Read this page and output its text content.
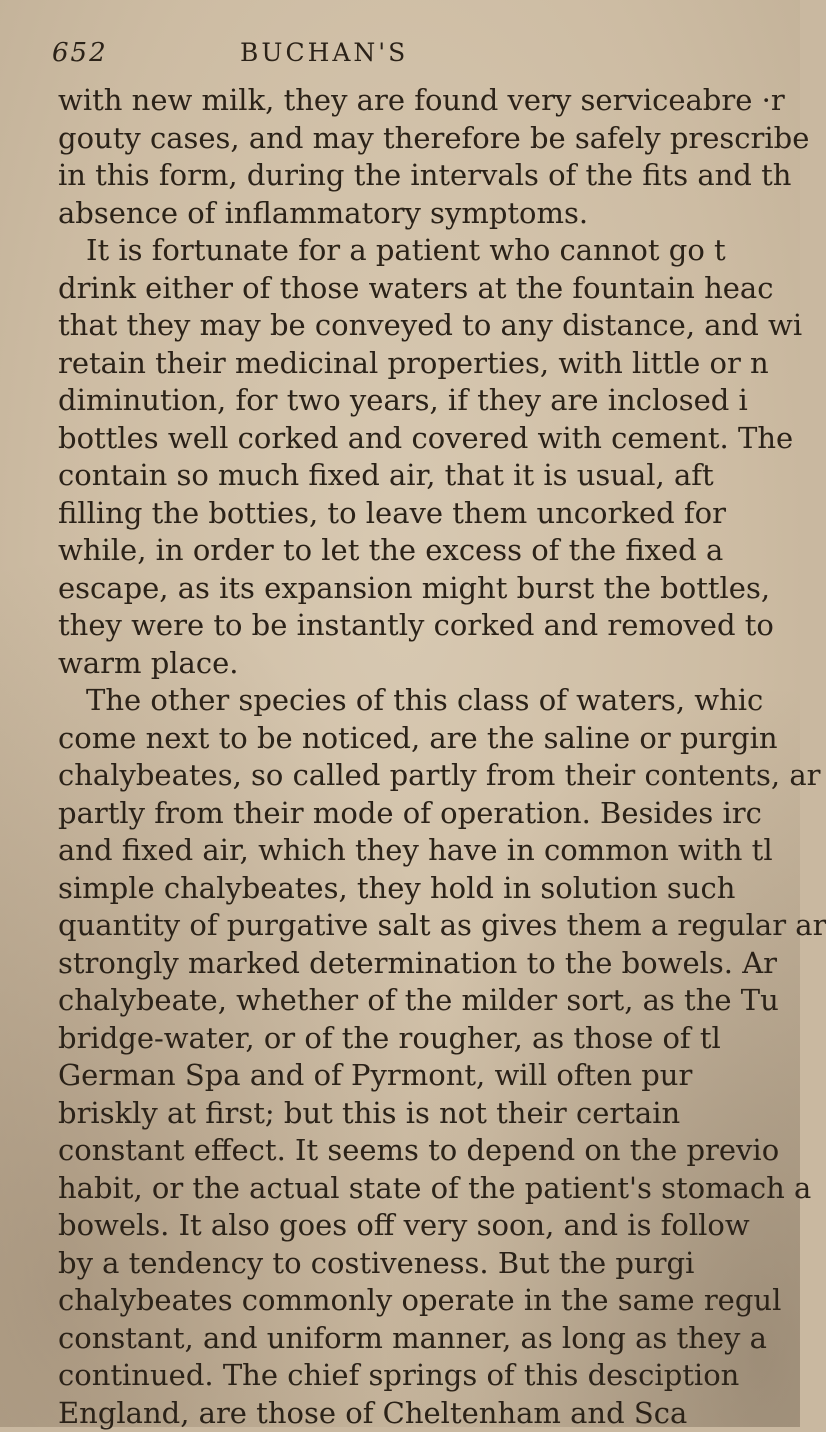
652	BUCHAN'S
with new milk, they are found very serviceabre ·r
gouty cases, and may therefore be safely prescribe
in this form, during the intervals of the fits and th
absence of inflammatory symptoms.
It is fortunate for a patient who cannot go t
drink either of those waters at the fountain heac
that they may be conveyed to any distance, and wi
retain their medicinal properties, with little or n
diminution, for two years, if they are inclosed i
bottles well corked and covered with cement. The
contain so much fixed air, that it is usual, aft
filling the botties, to leave them uncorked for
while, in order to let the excess of the fixed a
escape, as its expansion might burst the bottles,
they were to be instantly corked and removed to
warm place.
The other species of this class of waters, whic
come next to be noticed, are the saline or purgin
chalybeates, so called partly from their contents, ar
partly from their mode of operation. Besides irc
and fixed air, which they have in common with tl
simple chalybeates, they hold in solution such
quantity of purgative salt as gives them a regular ar
strongly marked determination to the bowels. Ar
chalybeate, whether of the milder sort, as the Tu
bridge-water, or of the rougher, as those of tl
German Spa and of Pyrmont, will often pur
briskly at first; but this is not their certain
constant effect. It seems to depend on the previo
habit, or the actual state of the patient's stomach a
bowels. It also goes off very soon, and is follow
by a tendency to costiveness. But the purgi
chalybeates commonly operate in the same regul
constant, and uniform manner, as long as they a
continued. The chief springs of this desciption
England, are those of Cheltenham and Sca
